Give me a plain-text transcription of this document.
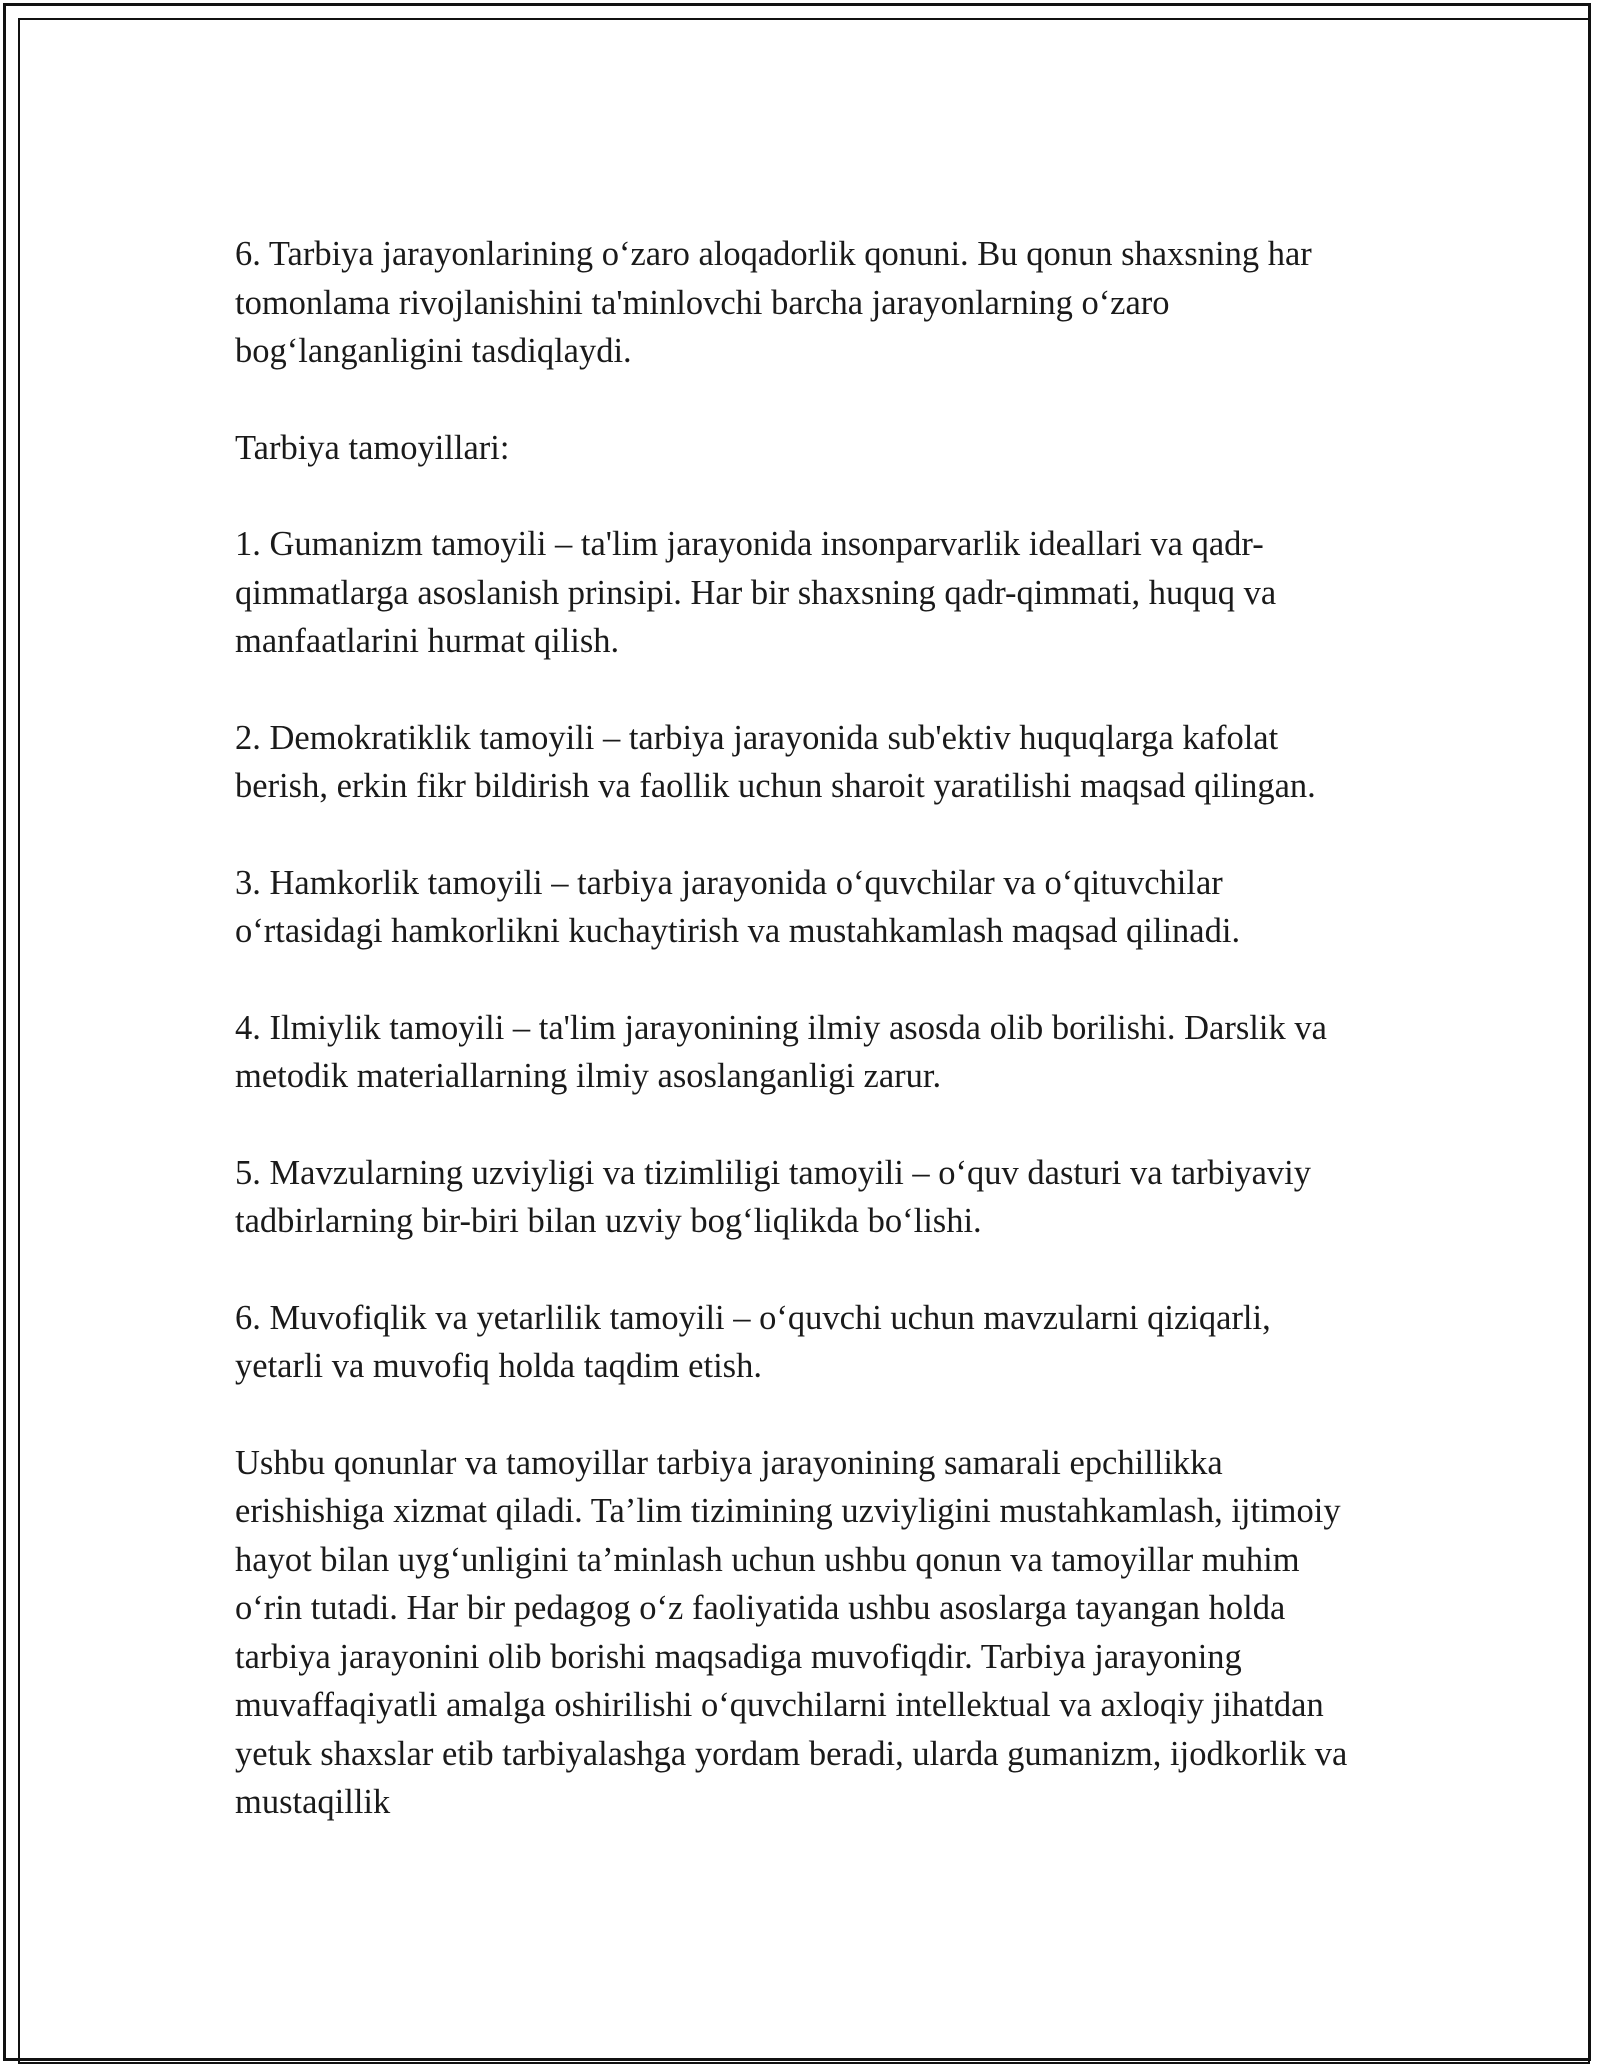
6. Tarbiya jarayonlarining o‘zaro aloqadorlik qonuni. Bu qonun shaxsning har tomonlama rivojlanishini ta'minlovchi barcha jarayonlarning o‘zaro bog‘langanligini tasdiqlaydi.

Tarbiya tamoyillari:

1. Gumanizm tamoyili – ta'lim jarayonida insonparvarlik ideallari va qadr-qimmatlarga asoslanish prinsipi. Har bir shaxsning qadr-qimmati, huquq va manfaatlarini hurmat qilish.

2. Demokratiklik tamoyili – tarbiya jarayonida sub'ektiv huquqlarga kafolat berish, erkin fikr bildirish va faollik uchun sharoit yaratilishi maqsad qilingan.

3. Hamkorlik tamoyili – tarbiya jarayonida o‘quvchilar va o‘qituvchilar o‘rtasidagi hamkorlikni kuchaytirish va mustahkamlash maqsad qilinadi.

4. Ilmiylik tamoyili – ta'lim jarayonining ilmiy asosda olib borilishi. Darslik va metodik materiallarning ilmiy asoslanganligi zarur.

5. Mavzularning uzviyligi va tizimliligi tamoyili – o‘quv dasturi va tarbiyaviy tadbirlarning bir-biri bilan uzviy bog‘liqlikda bo‘lishi.

6. Muvofiqlik va yetarlilik tamoyili – o‘quvchi uchun mavzularni qiziqarli, yetarli va muvofiq holda taqdim etish.

Ushbu qonunlar va tamoyillar tarbiya jarayonining samarali epchillikka erishishiga xizmat qiladi. Ta’lim tizimining uzviyligini mustahkamlash, ijtimoiy hayot bilan uyg‘unligini ta’minlash uchun ushbu qonun va tamoyillar muhim o‘rin tutadi. Har bir pedagog o‘z faoliyatida ushbu asoslarga tayangan holda tarbiya jarayonini olib borishi maqsadiga muvofiqdir. Tarbiya jarayoning muvaffaqiyatli amalga oshirilishi o‘quvchilarni intellektual va axloqiy jihatdan yetuk shaxslar etib tarbiyalashga yordam beradi, ularda gumanizm, ijodkorlik va mustaqillik
